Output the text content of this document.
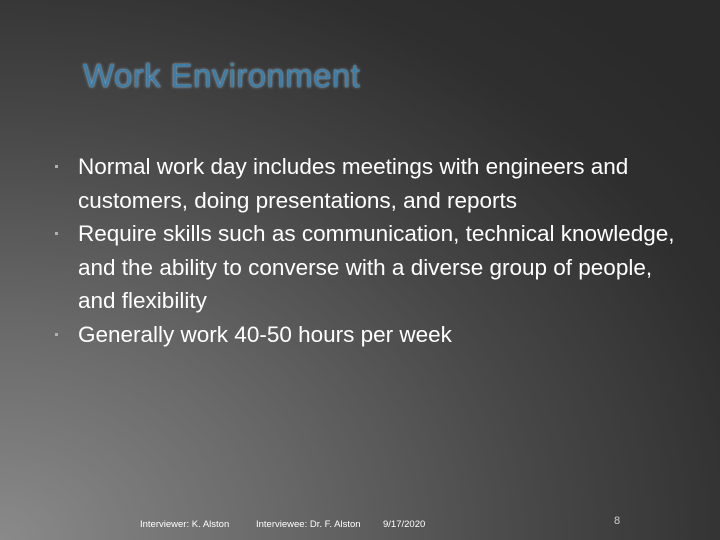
Work Environment
Normal work day includes meetings with engineers and customers, doing presentations, and reports
Require skills such as communication, technical knowledge, and the ability to converse with a diverse group of people, and flexibility
Generally work 40-50 hours per week
Interviewer: K. Alston	Interviewee: Dr. F. Alston 9/17/2020	8
